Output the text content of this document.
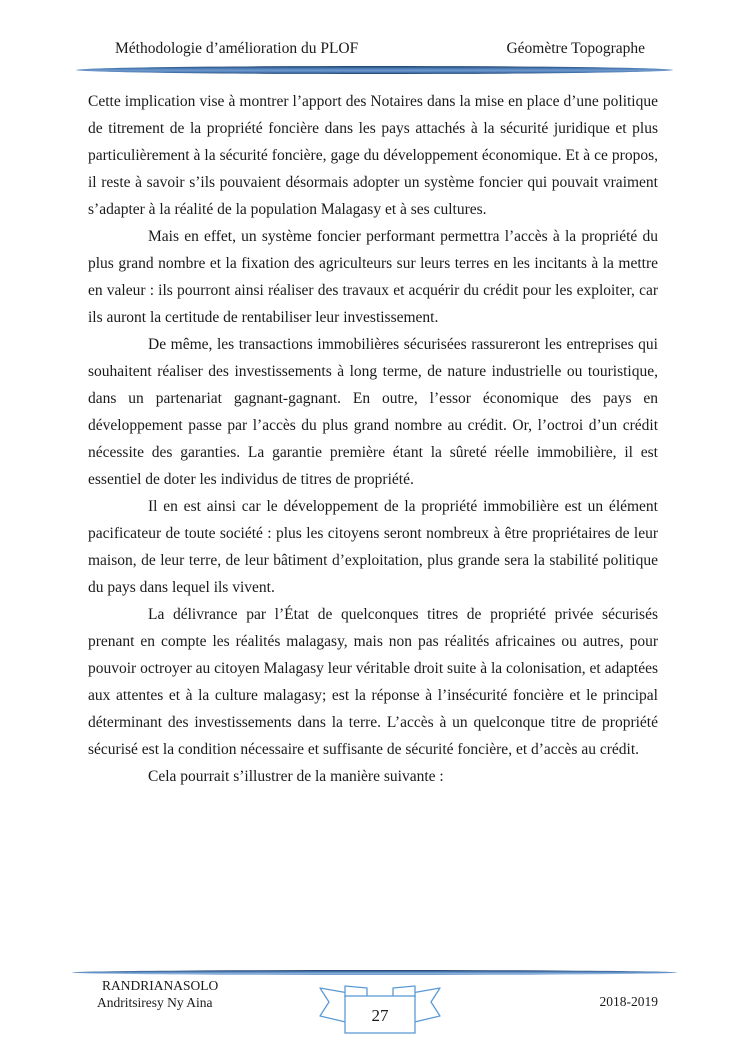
Méthodologie d’amélioration du PLOF	Géomètre Topographe

Cette implication vise à montrer l’apport des Notaires dans la mise en place d’une politique de titrement de la propriété foncière dans les pays attachés à la sécurité juridique et plus particulièrement à la sécurité foncière, gage du développement économique. Et à ce propos, il reste à savoir s’ils pouvaient désormais adopter un système foncier qui pouvait vraiment s’adapter à la réalité de la population Malagasy et à ses cultures.

Mais en effet, un système foncier performant permettra l’accès à la propriété du plus grand nombre et la fixation des agriculteurs sur leurs terres en les incitants à la mettre en valeur : ils pourront ainsi réaliser des travaux et acquérir du crédit pour les exploiter, car ils auront la certitude de rentabiliser leur investissement.

De même, les transactions immobilières sécurisées rassureront les entreprises qui souhaitent réaliser des investissements à long terme, de nature industrielle ou touristique, dans un partenariat gagnant-gagnant. En outre, l’essor économique des pays en développement passe par l’accès du plus grand nombre au crédit. Or, l’octroi d’un crédit nécessite des garanties. La garantie première étant la sûreté réelle immobilière, il est essentiel de doter les individus de titres de propriété.

Il en est ainsi car le développement de la propriété immobilière est un élément pacificateur de toute société : plus les citoyens seront nombreux à être propriétaires de leur maison, de leur terre, de leur bâtiment d’exploitation, plus grande sera la stabilité politique du pays dans lequel ils vivent.

La délivrance par l’État de quelconques titres de propriété privée sécurisés prenant en compte les réalités malagasy, mais non pas réalités africaines ou autres, pour pouvoir octroyer au citoyen Malagasy leur véritable droit suite à la colonisation, et adaptées aux attentes et à la culture malagasy; est la réponse à l’insécurité foncière et le principal déterminant des investissements dans la terre. L’accès à un quelconque titre de propriété sécurisé est la condition nécessaire et suffisante de sécurité foncière, et d’accès au crédit.

Cela pourrait s’illustrer de la manière suivante :

RANDRIANASOLO
Andritsiresy Ny Aina
27
2018-2019
